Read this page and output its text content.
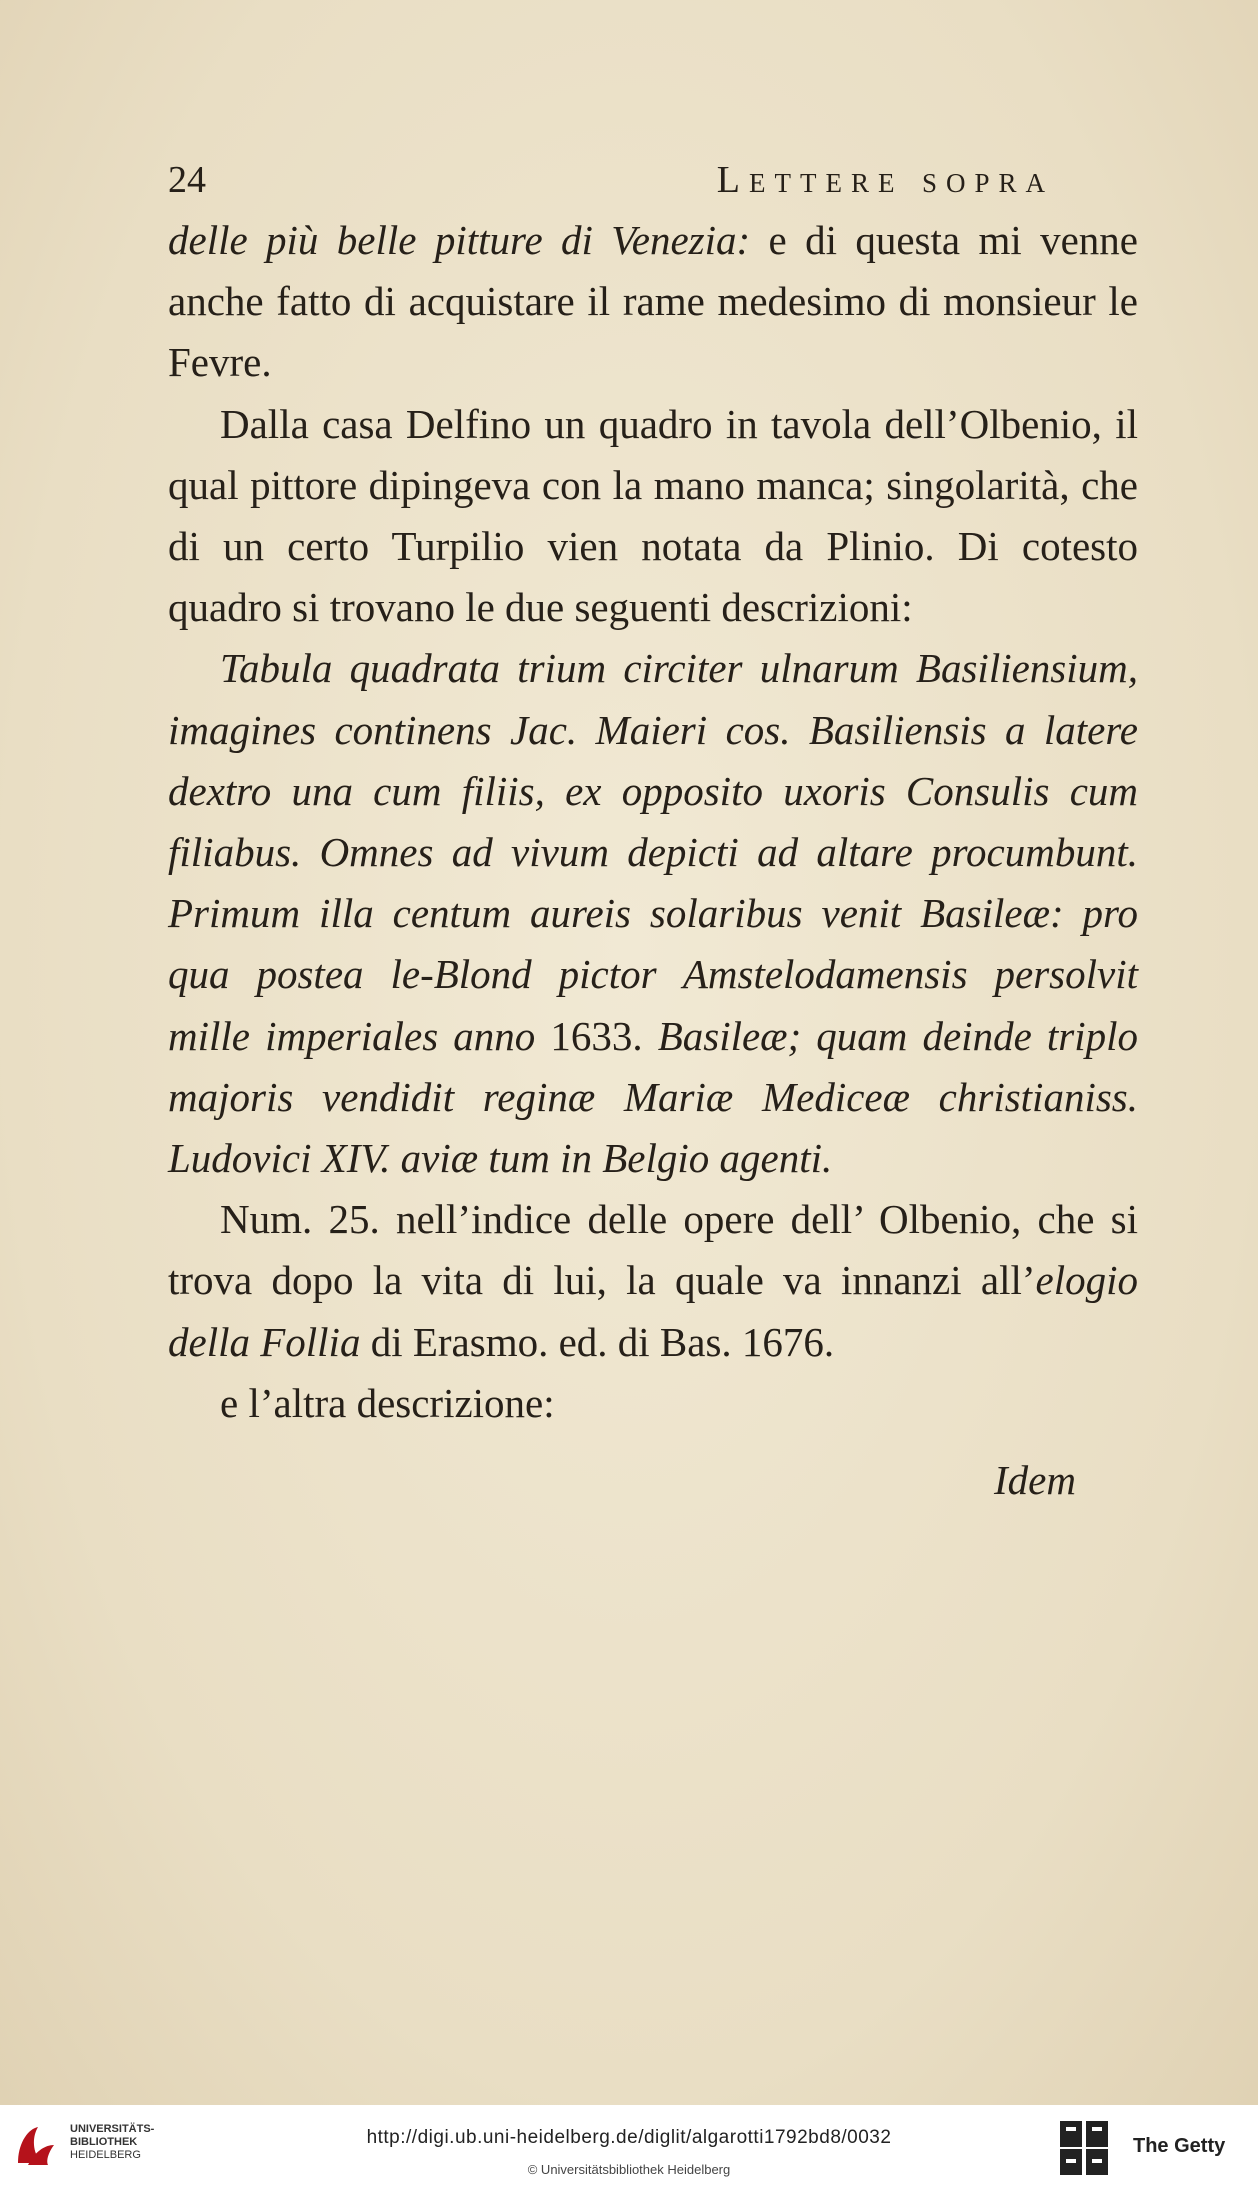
24	Lettere sopra

delle più belle pitture di Venezia: e di questa mi venne anche fatto di acquistare il rame medesimo di monsieur le Fevre.

Dalla casa Delfino un quadro in tavola dell’Olbenio, il qual pittore dipingeva con la mano manca; singolarità, che di un certo Turpilio vien notata da Plinio. Di cotesto quadro si trovano le due seguenti descrizioni:

Tabula quadrata trium circiter ulnarum Basiliensium, imagines continens Jac. Maieri cos. Basiliensis a latere dextro una cum filiis, ex opposito uxoris Consulis cum filiabus. Omnes ad vivum depicti ad altare procumbunt. Primum illa centum aureis solaribus venit Basileæ: pro qua postea le-Blond pictor Amstelodamensis persolvit mille imperiales anno 1633. Basileæ; quam deinde triplo majoris vendidit reginæ Mariæ Mediceæ christianiss. Ludovici XIV. aviæ tum in Belgio agenti.

Num. 25. nell’indice delle opere dell’ Olbenio, che si trova dopo la vita di lui, la quale va innanzi all’elogio della Follia di Erasmo. ed. di Bas. 1676.

e l’altra descrizione:

Idem

UNIVERSITÄTS-
BIBLIOTHEK
HEIDELBERG
http://digi.ub.uni-heidelberg.de/diglit/algarotti1792bd8/0032
© Universitätsbibliothek Heidelberg
The Getty
